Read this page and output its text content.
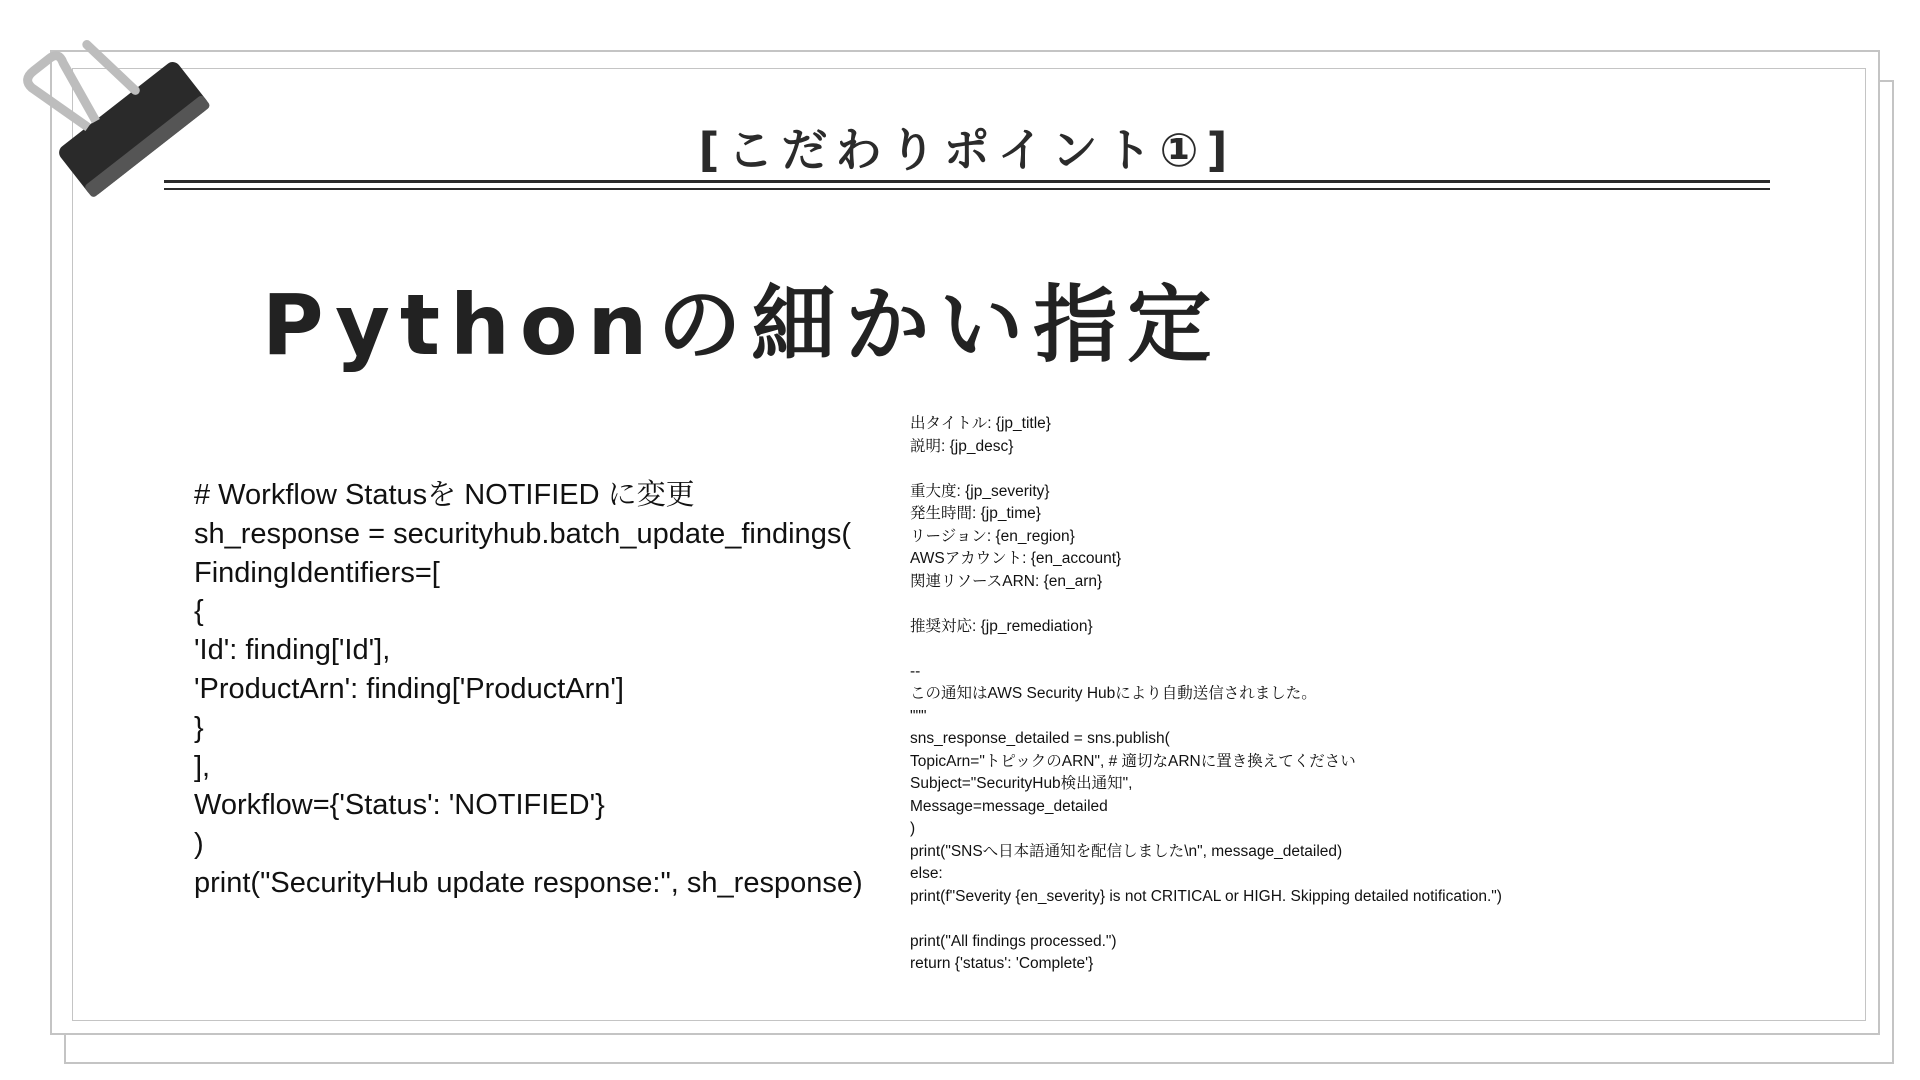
[こだわりポイント①]
Pythonの細かい指定
# Workflow Statusを NOTIFIED に変更
sh_response = securityhub.batch_update_findings(
FindingIdentifiers=[
{
'Id': finding['Id'],
'ProductArn': finding['ProductArn']
}
],
Workflow={'Status': 'NOTIFIED'}
)
print("SecurityHub update response:", sh_response)
出タイトル: {jp_title}
説明: {jp_desc}
重大度: {jp_severity}
発生時間: {jp_time}
リージョン: {en_region}
AWSアカウント: {en_account}
関連リソースARN: {en_arn}
推奨対応: {jp_remediation}
--
この通知はAWS Security Hubにより自動送信されました。
"""
sns_response_detailed = sns.publish(
TopicArn="トピックのARN", # 適切なARNに置き換えてください
Subject="SecurityHub検出通知",
Message=message_detailed
)
print("SNSへ日本語通知を配信しました\n", message_detailed)
else:
print(f"Severity {en_severity} is not CRITICAL or HIGH. Skipping detailed notification.")
print("All findings processed.")
return {'status': 'Complete'}
